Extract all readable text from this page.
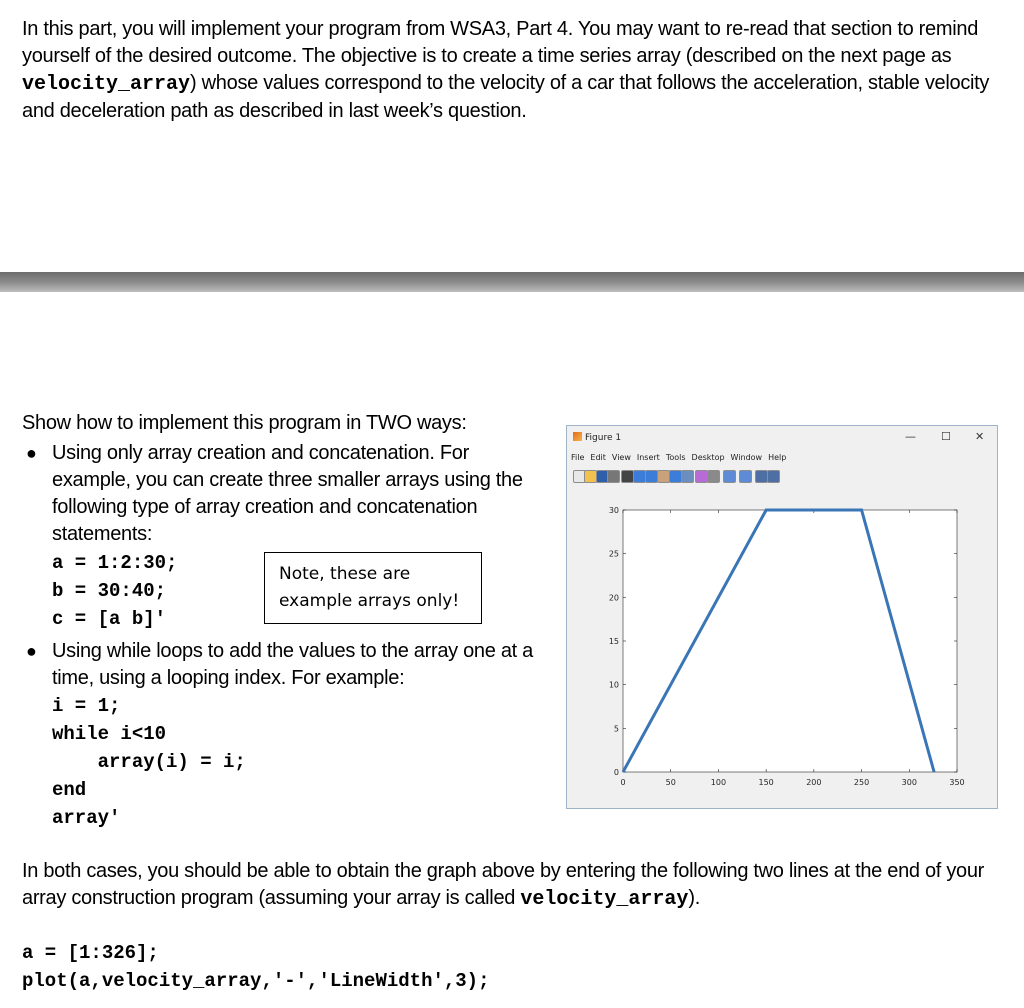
In this part, you will implement your program from WSA3, Part 4. You may want to re-read that section to remind yourself of the desired outcome. The objective is to create a time series array (described on the next page as velocity_array) whose values correspond to the velocity of a car that follows the acceleration, stable velocity and deceleration path as described in last week’s question.

Show how to implement this program in TWO ways:

● Using only array creation and concatenation. For example, you can create three smaller arrays using the following type of array creation and concatenation statements:

a = 1:2:30;
b = 30:40;
c = [a b]'
Note, these are
example arrays only!
● Using while loops to add the values to the array one at a time, using a looping index. For example:

i = 1;
while i<10
array(i) = i;
end
array'

In both cases, you should be able to obtain the graph above by entering the following two lines at the end of your array construction program (assuming your array is called velocity_array).

a = [1:326];
plot(a,velocity_array,'-','LineWidth',3);
Figure 1	— ☐ ✕
File Edit View Insert Tools Desktop Window Help
0	50	100	150	200	250	300	350
0
5
10
15
20
25
30
